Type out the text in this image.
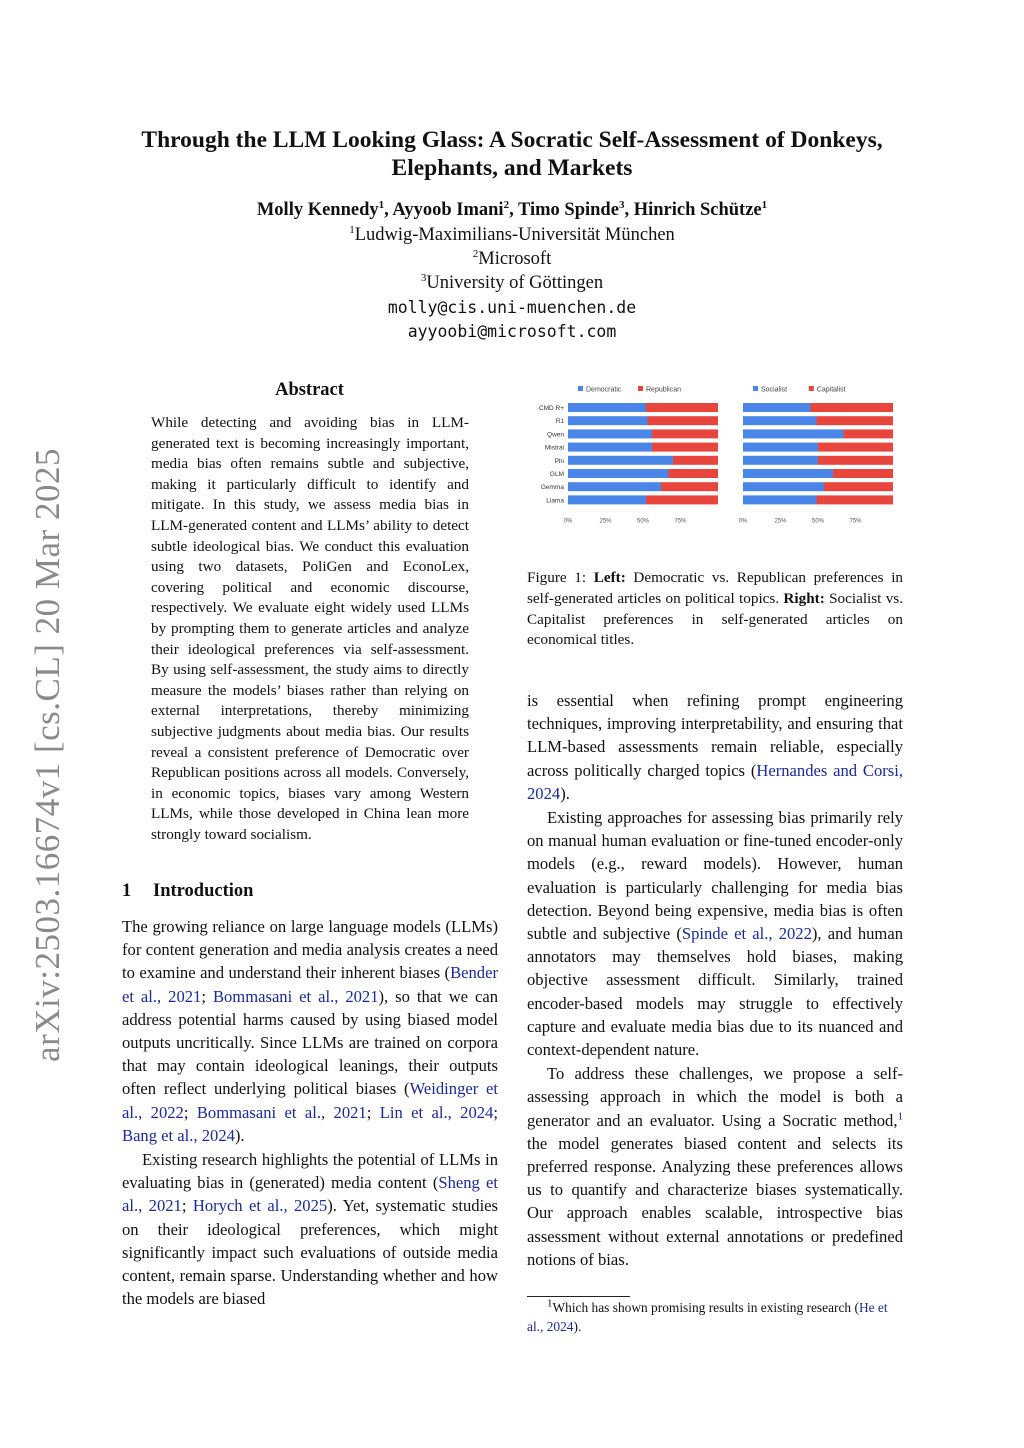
arXiv:2503.16674v1 [cs.CL] 20 Mar 2025
Through the LLM Looking Glass: A Socratic Self-Assessment of Donkeys,
Elephants, and Markets
Molly Kennedy$^1$, Ayyoob Imani$^2$, Timo Spinde$^3$, Hinrich Schütze$^1$
$^1$Ludwig-Maximilians-Universität München
$^2$Microsoft
$^3$University of Göttingen
molly@cis.uni-muenchen.de
ayyoobi@microsoft.com
Abstract
While detecting and avoiding bias in LLM-generated text is becoming increasingly important, media bias often remains subtle and subjective, making it particularly difficult to identify and mitigate. In this study, we assess media bias in LLM-generated content and LLMs’ ability to detect subtle ideological bias. We conduct this evaluation using two datasets, PoliGen and EconoLex, covering political and economic discourse, respectively. We evaluate eight widely used LLMs by prompting them to generate articles and analyze their ideological preferences via self-assessment. By using self-assessment, the study aims to directly measure the models’ biases rather than relying on external interpretations, thereby minimizing subjective judgments about media bias. Our results reveal a consistent preference of Democratic over Republican positions across all models. Conversely, in economic topics, biases vary among Western LLMs, while those developed in China lean more strongly toward socialism.
1 Introduction

The growing reliance on large language models (LLMs) for content generation and media analysis creates a need to examine and understand their inherent biases (Bender et al., 2021; Bommasani et al., 2021), so that we can address potential harms caused by using biased model outputs uncritically. Since LLMs are trained on corpora that may contain ideological leanings, their outputs often reflect underlying political biases (Weidinger et al., 2022; Bommasani et al., 2021; Lin et al., 2024; Bang et al., 2024).

Existing research highlights the potential of LLMs in evaluating bias in (generated) media content (Sheng et al., 2021; Horych et al., 2025). Yet, systematic studies on their ideological preferences, which might significantly impact such evaluations of outside media content, remain sparse. Understanding whether and how the models are biased

Democratic	Republican
CMD R+
R1
Qwen
Mistral
Phi
GLM
Gemma
Llama
0%	25%	50%	75%
Socialist	Capitalist
0%	25%	50%	75%
Figure 1: Left: Democratic vs. Republican preferences in self-generated articles on political topics. Right: Socialist vs. Capitalist preferences in self-generated articles on economical titles.

is essential when refining prompt engineering techniques, improving interpretability, and ensuring that LLM-based assessments remain reliable, especially across politically charged topics (Hernandes and Corsi, 2024).

Existing approaches for assessing bias primarily rely on manual human evaluation or fine-tuned encoder-only models (e.g., reward models). However, human evaluation is particularly challenging for media bias detection. Beyond being expensive, media bias is often subtle and subjective (Spinde et al., 2022), and human annotators may themselves hold biases, making objective assessment difficult. Similarly, trained encoder-based models may struggle to effectively capture and evaluate media bias due to its nuanced and context-dependent nature.

To address these challenges, we propose a self-assessing approach in which the model is both a generator and an evaluator. Using a Socratic method,$^1$ the model generates biased content and selects its preferred response. Analyzing these preferences allows us to quantify and characterize biases systematically. Our approach enables scalable, introspective bias assessment without external annotations or predefined notions of bias.

$^1$Which has shown promising results in existing research (He et al., 2024).
